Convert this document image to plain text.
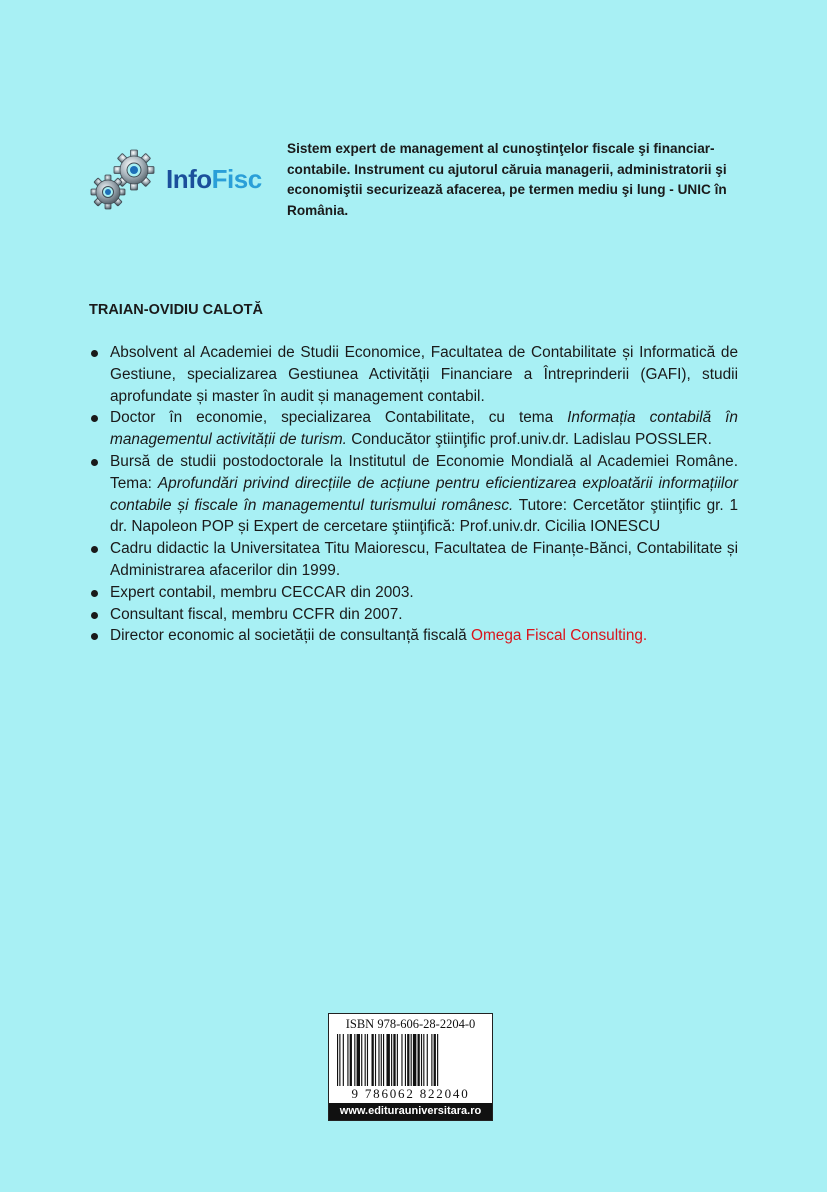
InfoFisc
Sistem expert de management al cunoştinţelor fiscale şi financiar-contabile. Instrument cu ajutorul căruia managerii, administratorii şi economiştii securizează afacerea, pe termen mediu şi lung - UNIC în România.
TRAIAN-OVIDIU CALOTĂ
Absolvent al Academiei de Studii Economice, Facultatea de Contabilitate și Informatică de Gestiune, specializarea Gestiunea Activității Financiare a Întreprinderii (GAFI), studii aprofundate și master în audit și management contabil.
Doctor în economie, specializarea Contabilitate, cu tema Informația contabilă în managementul activității de turism. Conducător ştiinţific prof.univ.dr. Ladislau POSSLER.
Bursă de studii postodoctorale la Institutul de Economie Mondială al Academiei Române. Tema: Aprofundări privind direcțiile de acțiune pentru eficientizarea exploatării informațiilor contabile și fiscale în managementul turismului românesc. Tutore: Cercetător ştiinţific gr. 1 dr. Napoleon POP și Expert de cercetare ştiinţifică: Prof.univ.dr. Cicilia IONESCU
Cadru didactic la Universitatea Titu Maiorescu, Facultatea de Finanțe-Bănci, Contabilitate și Administrarea afacerilor din 1999.
Expert contabil, membru CECCAR din 2003.
Consultant fiscal, membru CCFR din 2007.
Director economic al societății de consultanță fiscală Omega Fiscal Consulting.
ISBN 978-606-28-2204-0
9 786062 822040
www.editurauniversitara.ro
